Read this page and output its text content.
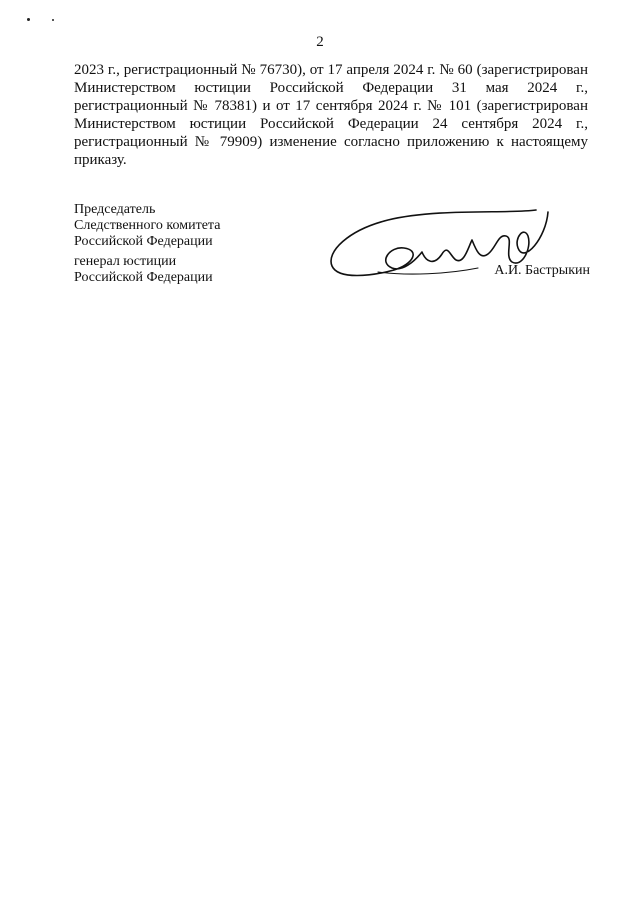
2
2023 г., регистрационный № 76730), от 17 апреля 2024 г. № 60 (зарегистрирован
Министерством юстиции Российской Федерации 31 мая 2024 г.,
регистрационный № 78381) и от 17 сентября 2024 г. № 101 (зарегистрирован
Министерством юстиции Российской Федерации 24 сентября 2024 г.,
регистрационный № 79909) изменение согласно приложению к настоящему
приказу.
Председатель
Следственного комитета
Российской Федерации
генерал юстиции
Российской Федерации	А.И. Бастрыкин
